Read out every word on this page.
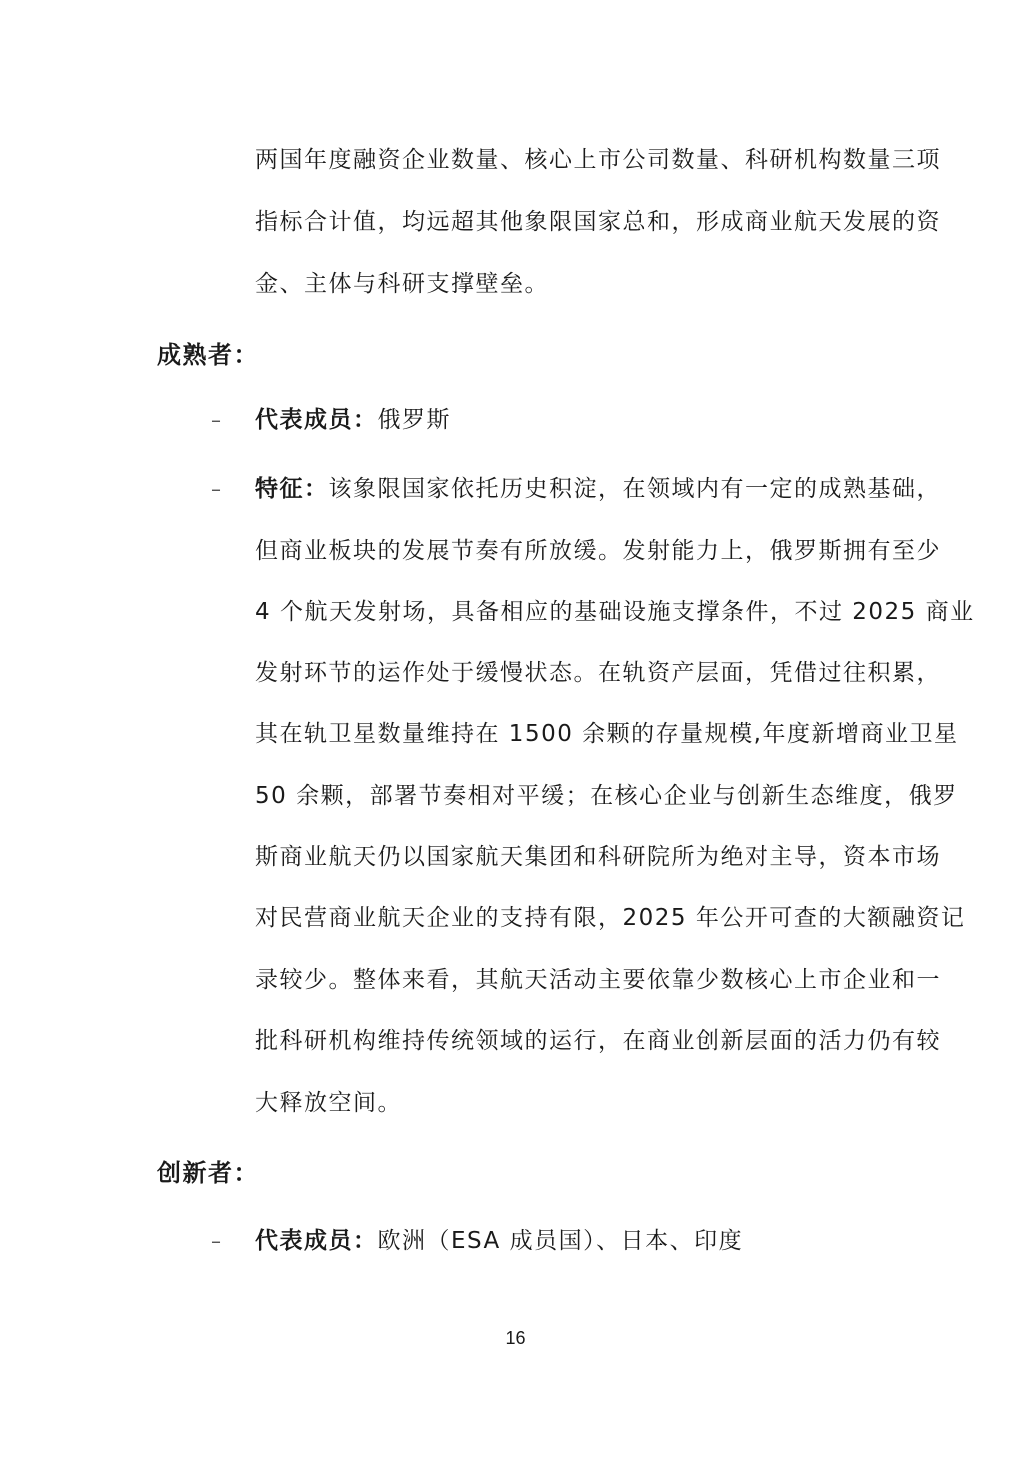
两国年度融资企业数量、核心上市公司数量、科研机构数量三项
指标合计值，均远超其他象限国家总和，形成商业航天发展的资
金、主体与科研支撑壁垒。
成熟者：
– 代表成员：俄罗斯
– 特征：该象限国家依托历史积淀，在领域内有一定的成熟基础，
但商业板块的发展节奏有所放缓。发射能力上，俄罗斯拥有至少
4 个航天发射场，具备相应的基础设施支撑条件，不过 2025 商业
发射环节的运作处于缓慢状态。在轨资产层面，凭借过往积累，
其在轨卫星数量维持在 1500 余颗的存量规模,年度新增商业卫星
50 余颗，部署节奏相对平缓；在核心企业与创新生态维度，俄罗
斯商业航天仍以国家航天集团和科研院所为绝对主导，资本市场
对民营商业航天企业的支持有限，2025 年公开可查的大额融资记
录较少。整体来看，其航天活动主要依靠少数核心上市企业和一
批科研机构维持传统领域的运行，在商业创新层面的活力仍有较
大释放空间。
创新者：
– 代表成员：欧洲（ESA 成员国）、日本、印度
16
